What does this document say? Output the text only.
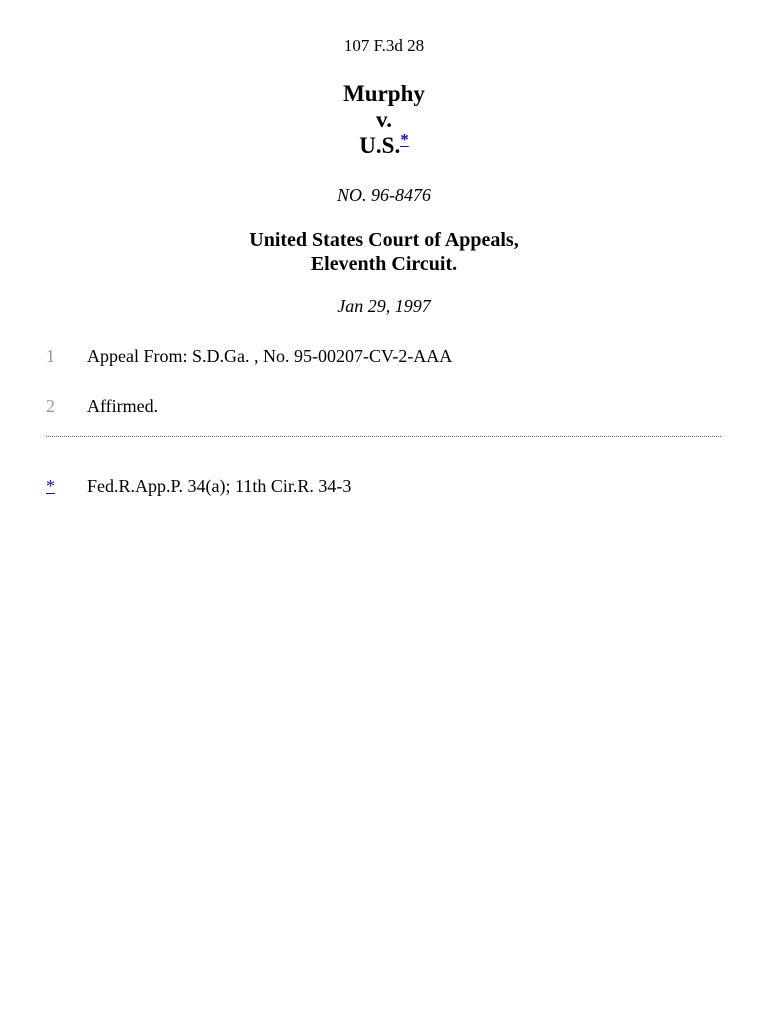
107 F.3d 28
Murphy
v.
U.S.*
NO. 96-8476
United States Court of Appeals,
Eleventh Circuit.
Jan 29, 1997
1	Appeal From: S.D.Ga. , No. 95-00207-CV-2-AAA
2	Affirmed.
* Fed.R.App.P. 34(a); 11th Cir.R. 34-3
